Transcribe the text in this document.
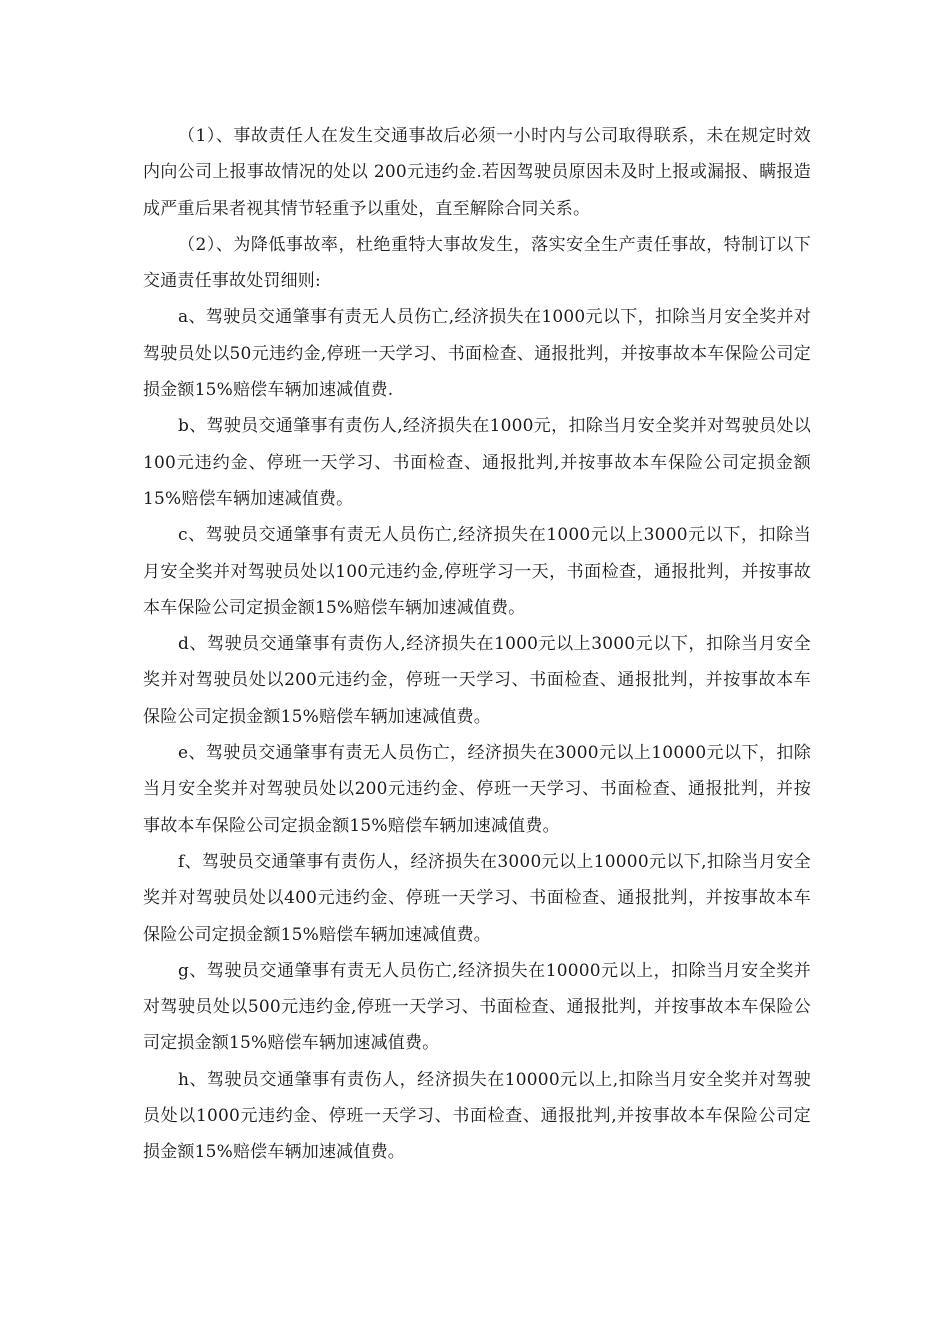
（1）、事故责任人在发生交通事故后必须一小时内与公司取得联系，未在规定时效内向公司上报事故情况的处以 200元违约金.若因驾驶员原因未及时上报或漏报、瞒报造成严重后果者视其情节轻重予以重处，直至解除合同关系。

（2）、为降低事故率，杜绝重特大事故发生，落实安全生产责任事故，特制订以下交通责任事故处罚细则:

a、驾驶员交通肇事有责无人员伤亡,经济损失在1000元以下，扣除当月安全奖并对驾驶员处以50元违约金,停班一天学习、书面检查、通报批判，并按事故本车保险公司定损金额15%赔偿车辆加速减值费.

b、驾驶员交通肇事有责伤人,经济损失在1000元，扣除当月安全奖并对驾驶员处以100元违约金、停班一天学习、书面检查、通报批判,并按事故本车保险公司定损金额15%赔偿车辆加速减值费。

c、驾驶员交通肇事有责无人员伤亡,经济损失在1000元以上3000元以下，扣除当月安全奖并对驾驶员处以100元违约金,停班学习一天，书面检查，通报批判，并按事故本车保险公司定损金额15%赔偿车辆加速减值费。

d、驾驶员交通肇事有责伤人,经济损失在1000元以上3000元以下，扣除当月安全奖并对驾驶员处以200元违约金，停班一天学习、书面检查、通报批判，并按事故本车保险公司定损金额15%赔偿车辆加速减值费。

e、驾驶员交通肇事有责无人员伤亡，经济损失在3000元以上10000元以下，扣除当月安全奖并对驾驶员处以200元违约金、停班一天学习、书面检查、通报批判，并按事故本车保险公司定损金额15%赔偿车辆加速减值费。

f、驾驶员交通肇事有责伤人，经济损失在3000元以上10000元以下,扣除当月安全奖并对驾驶员处以400元违约金、停班一天学习、书面检查、通报批判，并按事故本车保险公司定损金额15%赔偿车辆加速减值费。

g、驾驶员交通肇事有责无人员伤亡,经济损失在10000元以上，扣除当月安全奖并对驾驶员处以500元违约金,停班一天学习、书面检查、通报批判，并按事故本车保险公司定损金额15%赔偿车辆加速减值费。

h、驾驶员交通肇事有责伤人，经济损失在10000元以上,扣除当月安全奖并对驾驶员处以1000元违约金、停班一天学习、书面检查、通报批判,并按事故本车保险公司定损金额15%赔偿车辆加速减值费。
